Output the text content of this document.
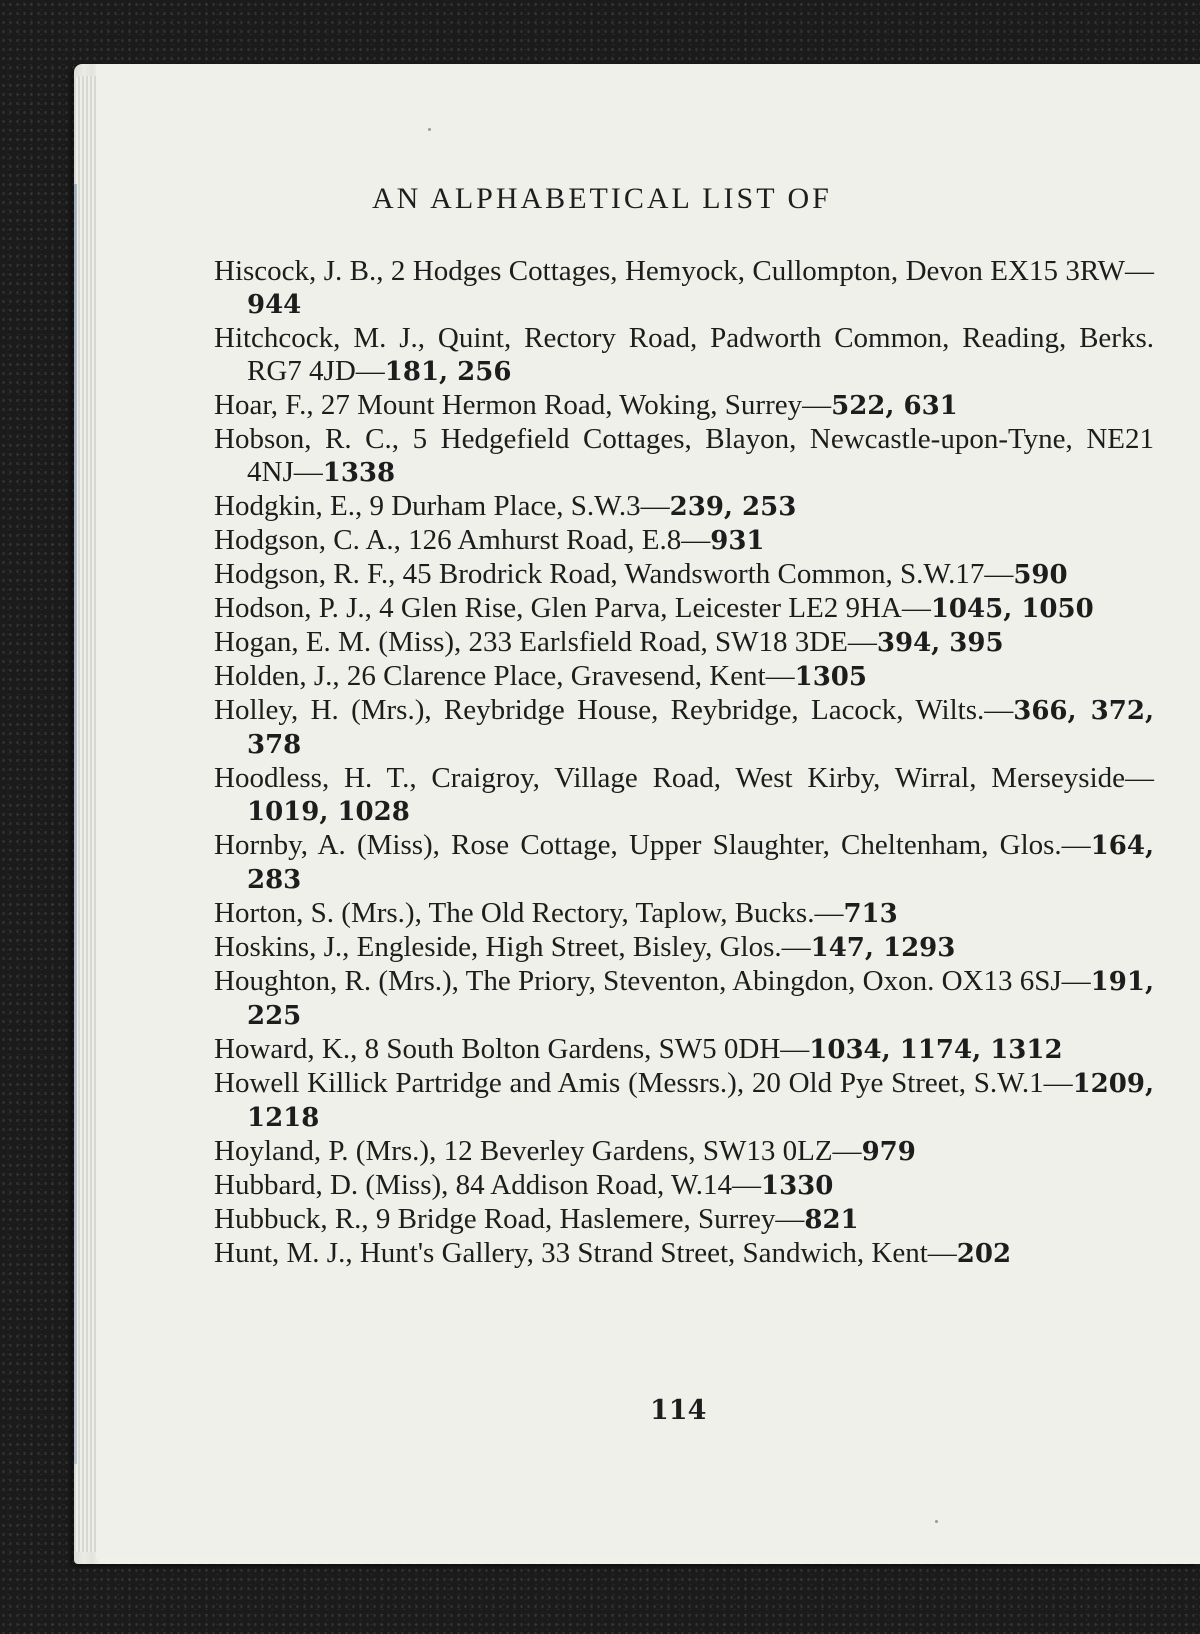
AN ALPHABETICAL LIST OF

Hiscock, J. B., 2 Hodges Cottages, Hemyock, Cullompton, Devon EX15 3RW—944

Hitchcock, M. J., Quint, Rectory Road, Padworth Common, Reading, Berks. RG7 4JD—181, 256

Hoar, F., 27 Mount Hermon Road, Woking, Surrey—522, 631

Hobson, R. C., 5 Hedgefield Cottages, Blayon, Newcastle-upon-Tyne, NE21 4NJ—1338

Hodgkin, E., 9 Durham Place, S.W.3—239, 253

Hodgson, C. A., 126 Amhurst Road, E.8—931

Hodgson, R. F., 45 Brodrick Road, Wandsworth Common, S.W.17—590

Hodson, P. J., 4 Glen Rise, Glen Parva, Leicester LE2 9HA—1045, 1050

Hogan, E. M. (Miss), 233 Earlsfield Road, SW18 3DE—394, 395

Holden, J., 26 Clarence Place, Gravesend, Kent—1305

Holley, H. (Mrs.), Reybridge House, Reybridge, Lacock, Wilts.—366, 372, 378

Hoodless, H. T., Craigroy, Village Road, West Kirby, Wirral, Merseyside—1019, 1028

Hornby, A. (Miss), Rose Cottage, Upper Slaughter, Cheltenham, Glos.—164, 283

Horton, S. (Mrs.), The Old Rectory, Taplow, Bucks.—713

Hoskins, J., Engleside, High Street, Bisley, Glos.—147, 1293

Houghton, R. (Mrs.), The Priory, Steventon, Abingdon, Oxon. OX13 6SJ—191, 225

Howard, K., 8 South Bolton Gardens, SW5 0DH—1034, 1174, 1312

Howell Killick Partridge and Amis (Messrs.), 20 Old Pye Street, S.W.1—1209, 1218

Hoyland, P. (Mrs.), 12 Beverley Gardens, SW13 0LZ—979

Hubbard, D. (Miss), 84 Addison Road, W.14—1330

Hubbuck, R., 9 Bridge Road, Haslemere, Surrey—821

Hunt, M. J., Hunt's Gallery, 33 Strand Street, Sandwich, Kent—202

114
